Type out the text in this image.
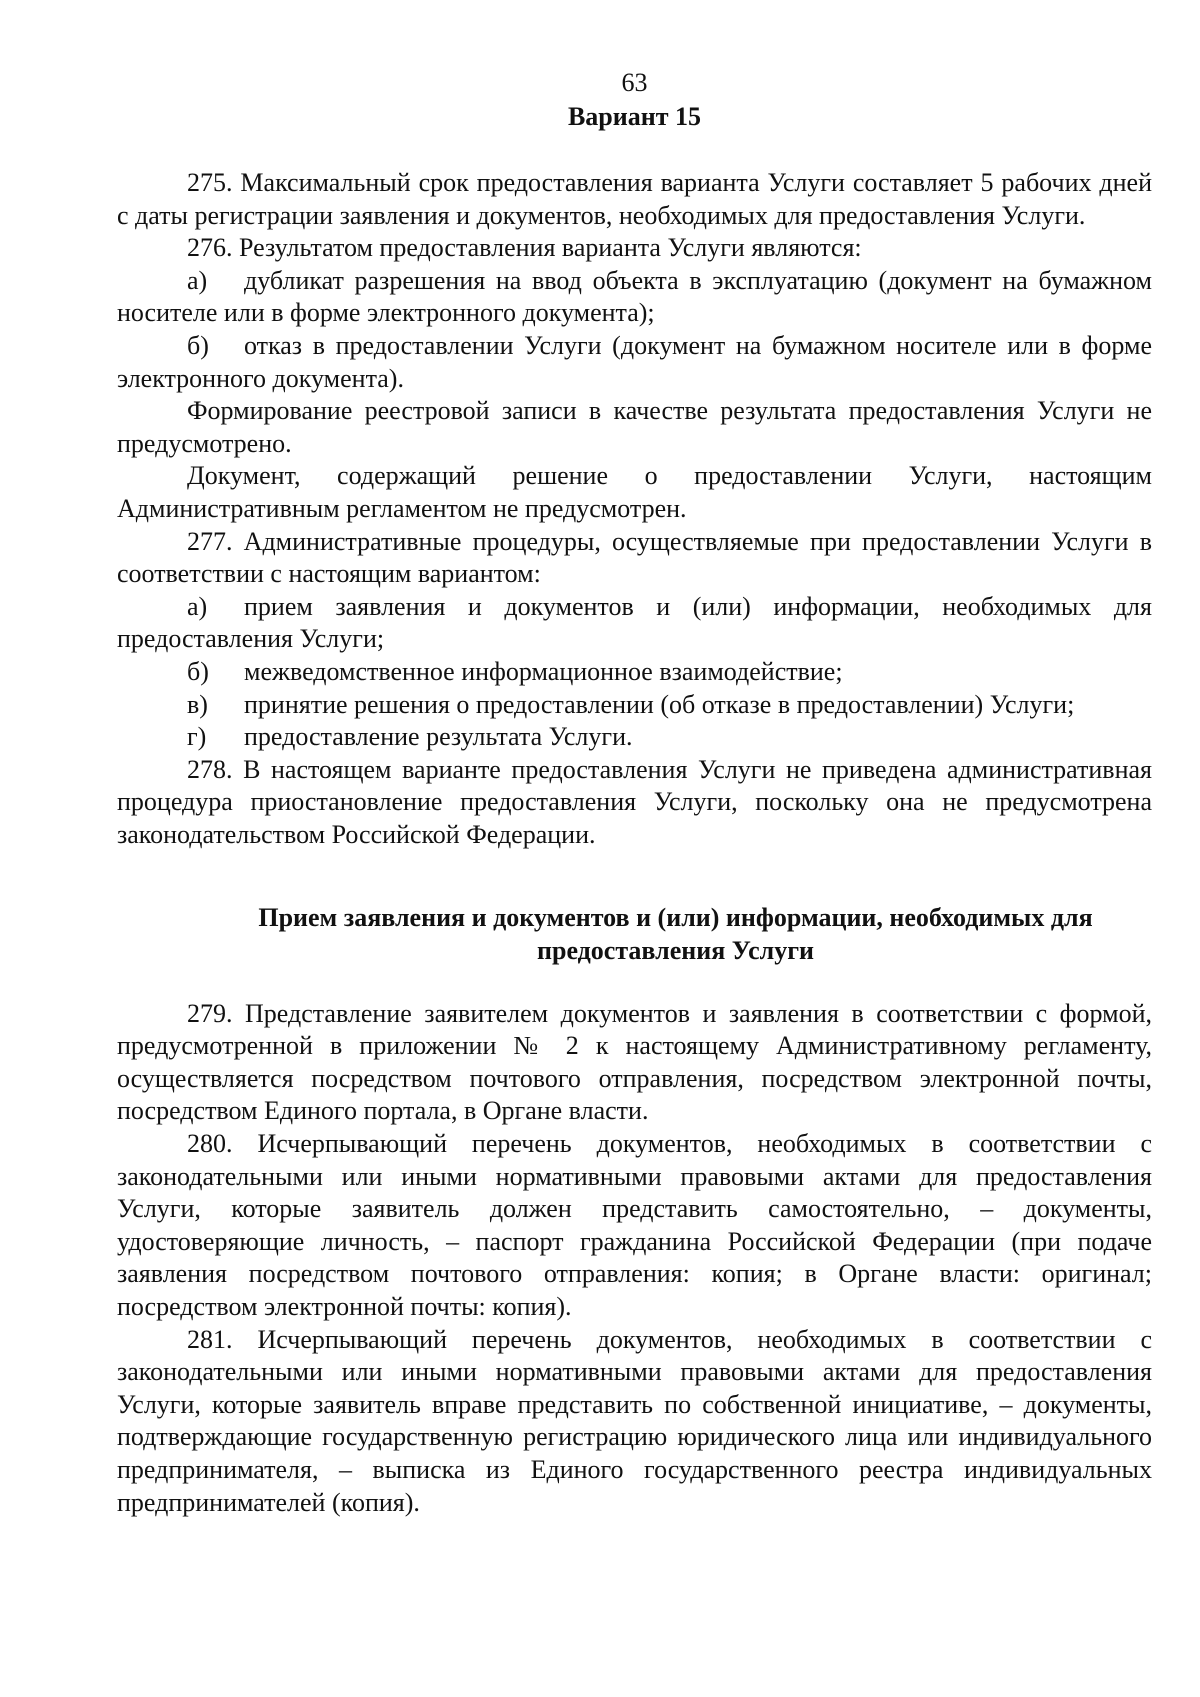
63
Вариант 15

275. Максимальный срок предоставления варианта Услуги составляет 5 рабочих дней с даты регистрации заявления и документов, необходимых для предоставления Услуги.

276. Результатом предоставления варианта Услуги являются:

а) дубликат разрешения на ввод объекта в эксплуатацию (документ на бумажном носителе или в форме электронного документа);

б) отказ в предоставлении Услуги (документ на бумажном носителе или в форме электронного документа).

Формирование реестровой записи в качестве результата предоставления Услуги не предусмотрено.

Документ, содержащий решение о предоставлении Услуги, настоящим Административным регламентом не предусмотрен.

277. Административные процедуры, осуществляемые при предоставлении Услуги в соответствии с настоящим вариантом:

а) прием заявления и документов и (или) информации, необходимых для предоставления Услуги;

б) межведомственное информационное взаимодействие;

в) принятие решения о предоставлении (об отказе в предоставлении) Услуги;

г) предоставление результата Услуги.

278. В настоящем варианте предоставления Услуги не приведена административная процедура приостановление предоставления Услуги, поскольку она не предусмотрена законодательством Российской Федерации.

Прием заявления и документов и (или) информации, необходимых для предоставления Услуги

279. Представление заявителем документов и заявления в соответствии с формой, предусмотренной в приложении № 2 к настоящему Административному регламенту, осуществляется посредством почтового отправления, посредством электронной почты, посредством Единого портала, в Органе власти.

280. Исчерпывающий перечень документов, необходимых в соответствии с законодательными или иными нормативными правовыми актами для предоставления Услуги, которые заявитель должен представить самостоятельно, – документы, удостоверяющие личность, – паспорт гражданина Российской Федерации (при подаче заявления посредством почтового отправления: копия; в Органе власти: оригинал; посредством электронной почты: копия).

281. Исчерпывающий перечень документов, необходимых в соответствии с законодательными или иными нормативными правовыми актами для предоставления Услуги, которые заявитель вправе представить по собственной инициативе, – документы, подтверждающие государственную регистрацию юридического лица или индивидуального предпринимателя, – выписка из Единого государственного реестра индивидуальных предпринимателей (копия).
